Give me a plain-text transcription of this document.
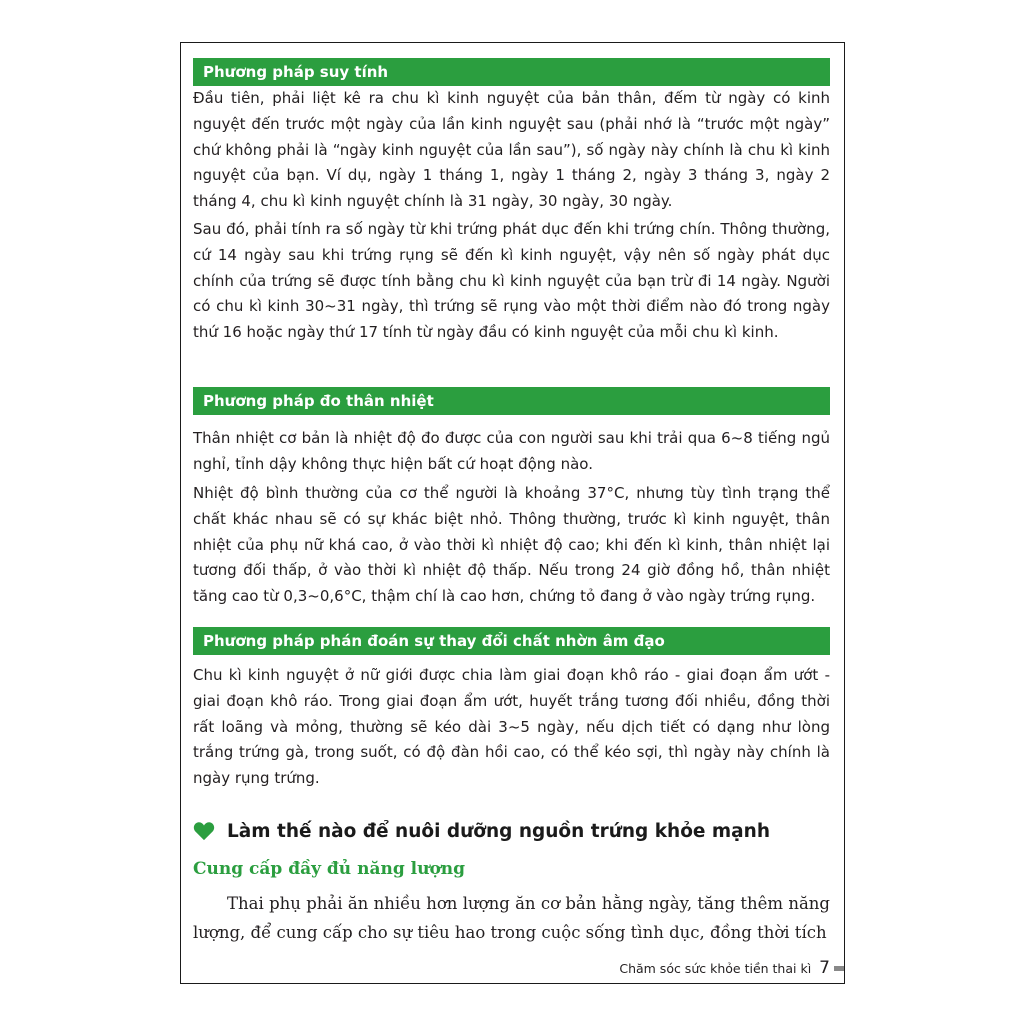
Phương pháp suy tính

Đầu tiên, phải liệt kê ra chu kì kinh nguyệt của bản thân, đếm từ ngày có kinh nguyệt đến trước một ngày của lần kinh nguyệt sau (phải nhớ là “trước một ngày” chứ không phải là “ngày kinh nguyệt của lần sau”), số ngày này chính là chu kì kinh nguyệt của bạn. Ví dụ, ngày 1 tháng 1, ngày 1 tháng 2, ngày 3 tháng 3, ngày 2 tháng 4, chu kì kinh nguyệt chính là 31 ngày, 30 ngày, 30 ngày.

Sau đó, phải tính ra số ngày từ khi trứng phát dục đến khi trứng chín. Thông thường, cứ 14 ngày sau khi trứng rụng sẽ đến kì kinh nguyệt, vậy nên số ngày phát dục chính của trứng sẽ được tính bằng chu kì kinh nguyệt của bạn trừ đi 14 ngày. Người có chu kì kinh 30~31 ngày, thì trứng sẽ rụng vào một thời điểm nào đó trong ngày thứ 16 hoặc ngày thứ 17 tính từ ngày đầu có kinh nguyệt của mỗi chu kì kinh.

Phương pháp đo thân nhiệt

Thân nhiệt cơ bản là nhiệt độ đo được của con người sau khi trải qua 6~8 tiếng ngủ nghỉ, tỉnh dậy không thực hiện bất cứ hoạt động nào.

Nhiệt độ bình thường của cơ thể người là khoảng 37°C, nhưng tùy tình trạng thể chất khác nhau sẽ có sự khác biệt nhỏ. Thông thường, trước kì kinh nguyệt, thân nhiệt của phụ nữ khá cao, ở vào thời kì nhiệt độ cao; khi đến kì kinh, thân nhiệt lại tương đối thấp, ở vào thời kì nhiệt độ thấp. Nếu trong 24 giờ đồng hồ, thân nhiệt tăng cao từ 0,3~0,6°C, thậm chí là cao hơn, chứng tỏ đang ở vào ngày trứng rụng.

Phương pháp phán đoán sự thay đổi chất nhờn âm đạo

Chu kì kinh nguyệt ở nữ giới được chia làm giai đoạn khô ráo - giai đoạn ẩm ướt - giai đoạn khô ráo. Trong giai đoạn ẩm ướt, huyết trắng tương đối nhiều, đồng thời rất loãng và mỏng, thường sẽ kéo dài 3~5 ngày, nếu dịch tiết có dạng như lòng trắng trứng gà, trong suốt, có độ đàn hồi cao, có thể kéo sợi, thì ngày này chính là ngày rụng trứng.

Làm thế nào để nuôi dưỡng nguồn trứng khỏe mạnh
Cung cấp đầy đủ năng lượng

Thai phụ phải ăn nhiều hơn lượng ăn cơ bản hằng ngày, tăng thêm năng lượng, để cung cấp cho sự tiêu hao trong cuộc sống tình dục, đồng thời tích

Chăm sóc sức khỏe tiền thai kì 7
